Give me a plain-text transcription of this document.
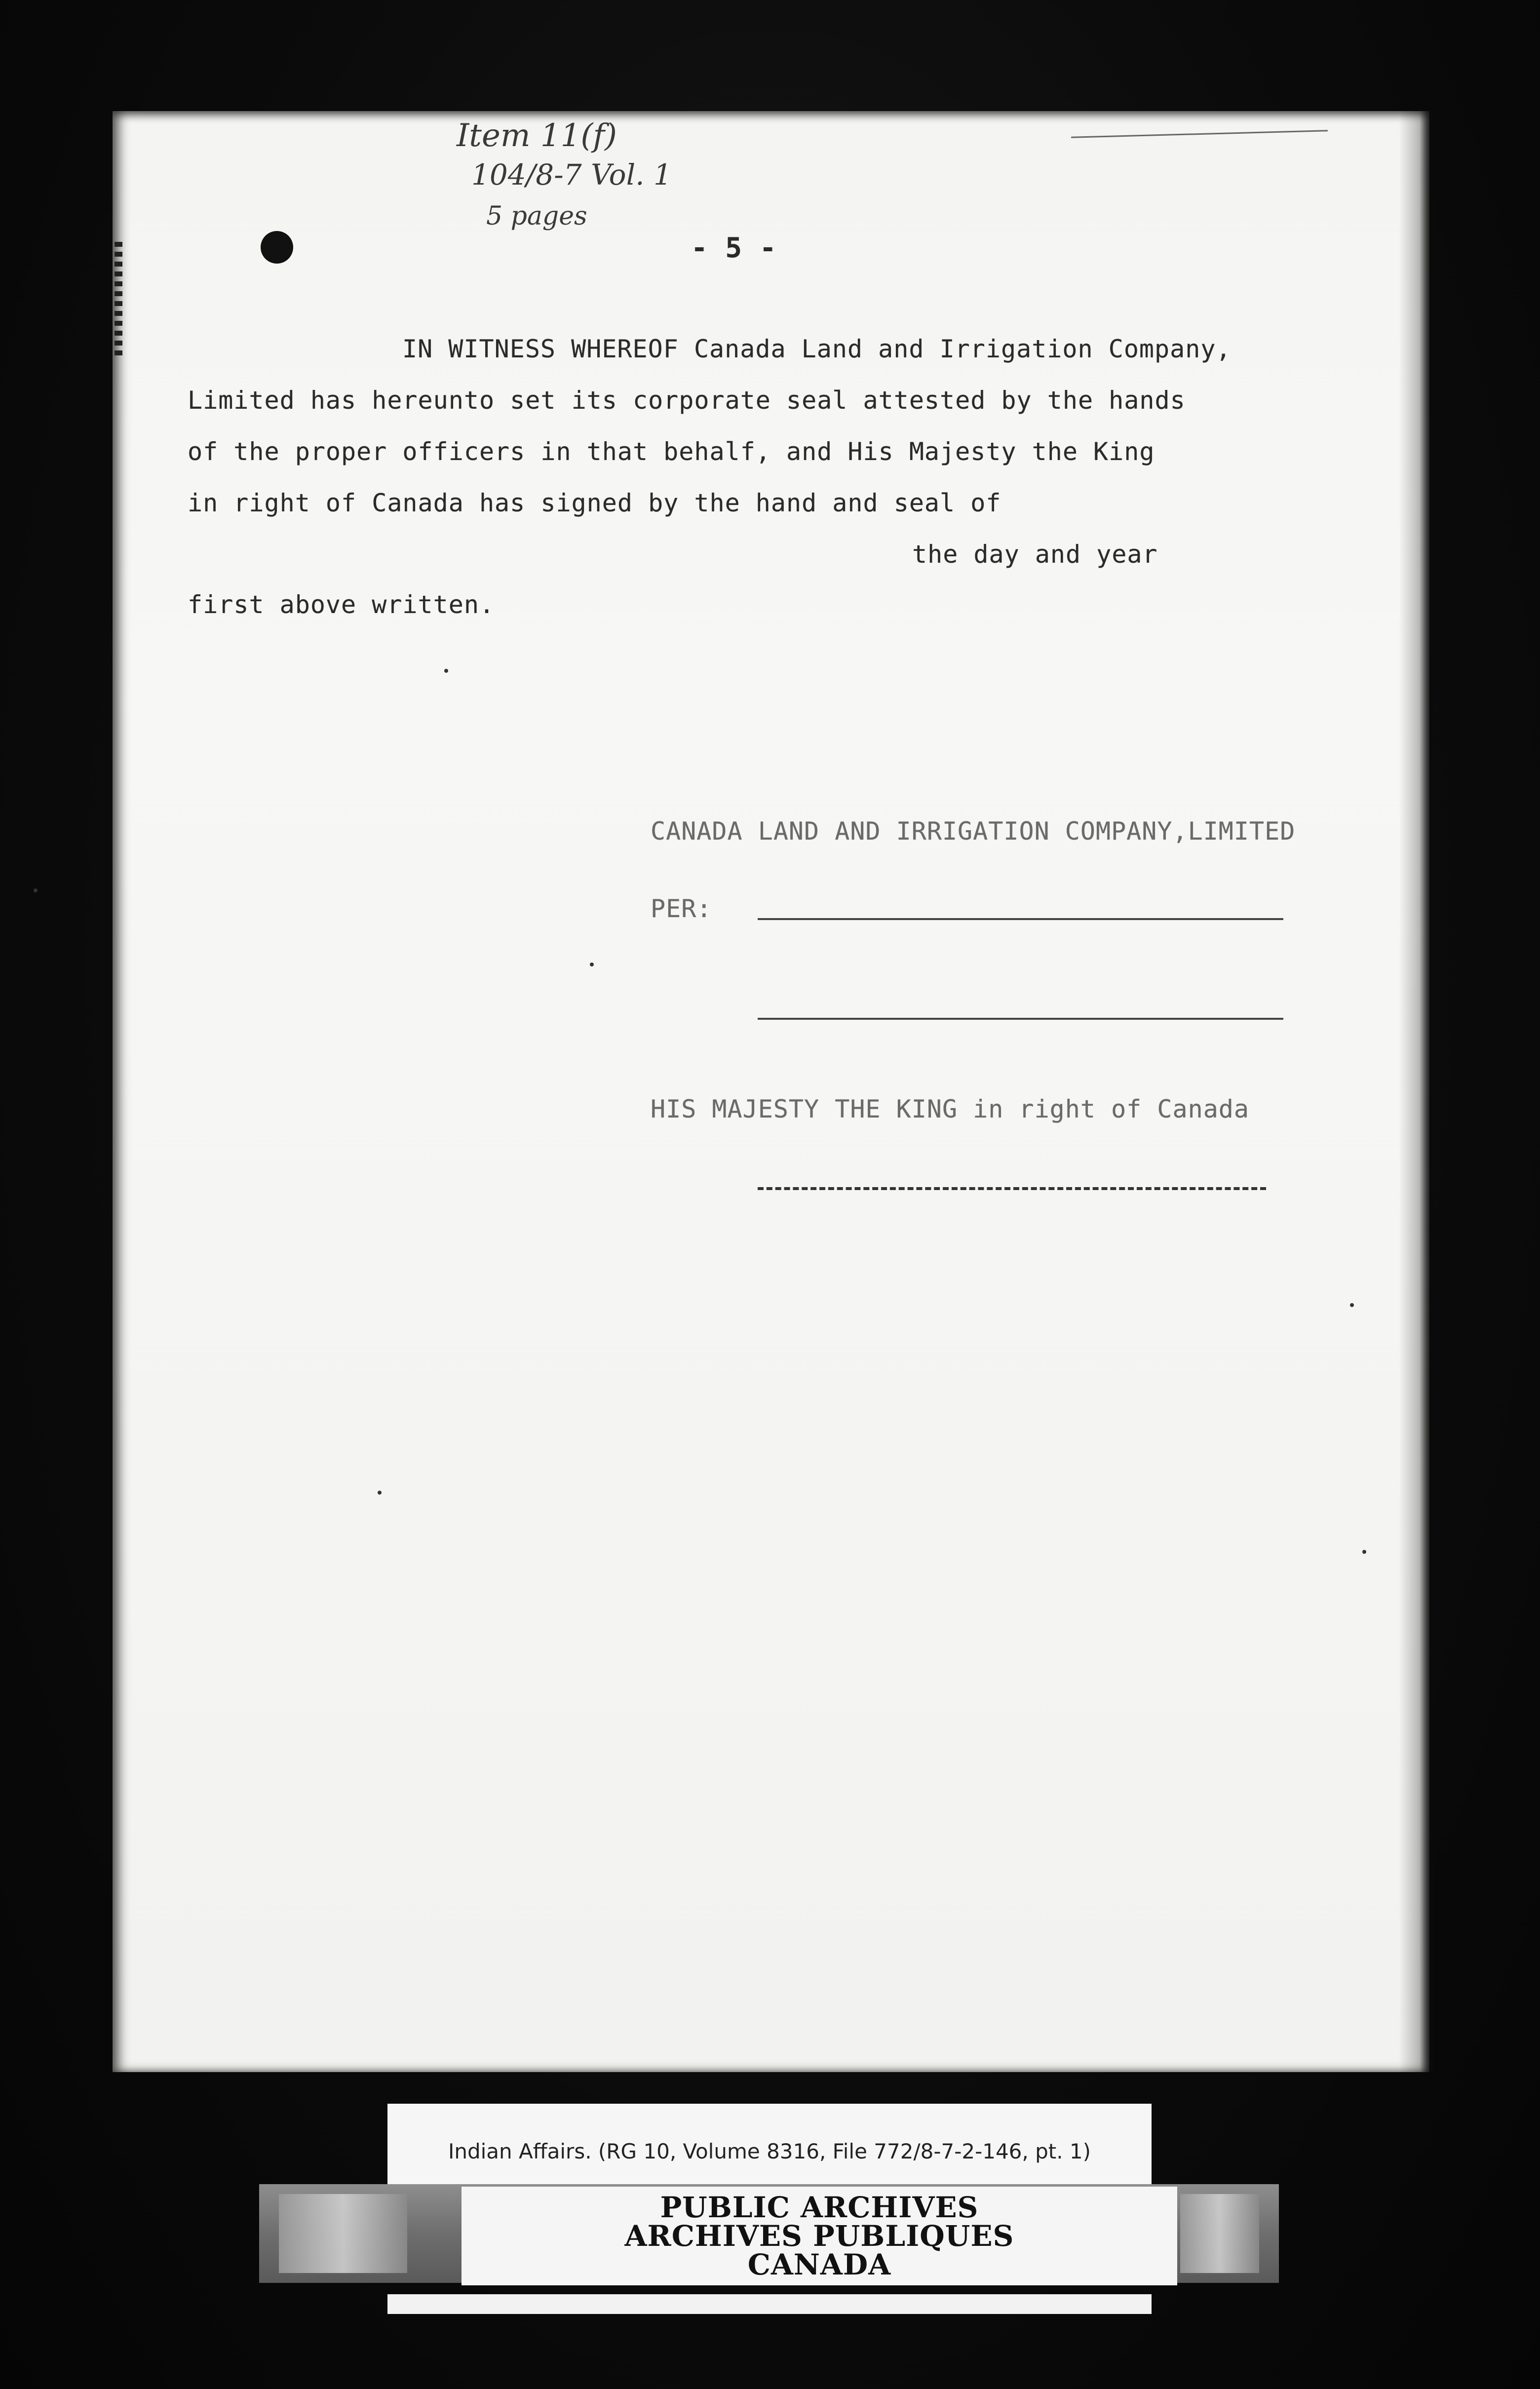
Item 11(f)
104/8-7 Vol. 1
5 pages
- 5 -
IN WITNESS WHEREOF Canada Land and Irrigation Company,
Limited has hereunto set its corporate seal attested by the hands
of the proper officers in that behalf, and His Majesty the King
in right of Canada has signed by the hand and seal of
the day and year
first above written.
CANADA LAND AND IRRIGATION COMPANY,LIMITED
PER:
HIS MAJESTY THE KING in right of Canada
Indian Affairs. (RG 10, Volume 8316, File 772/8-7-2-146, pt. 1)
PUBLIC ARCHIVES
ARCHIVES PUBLIQUES
CANADA
